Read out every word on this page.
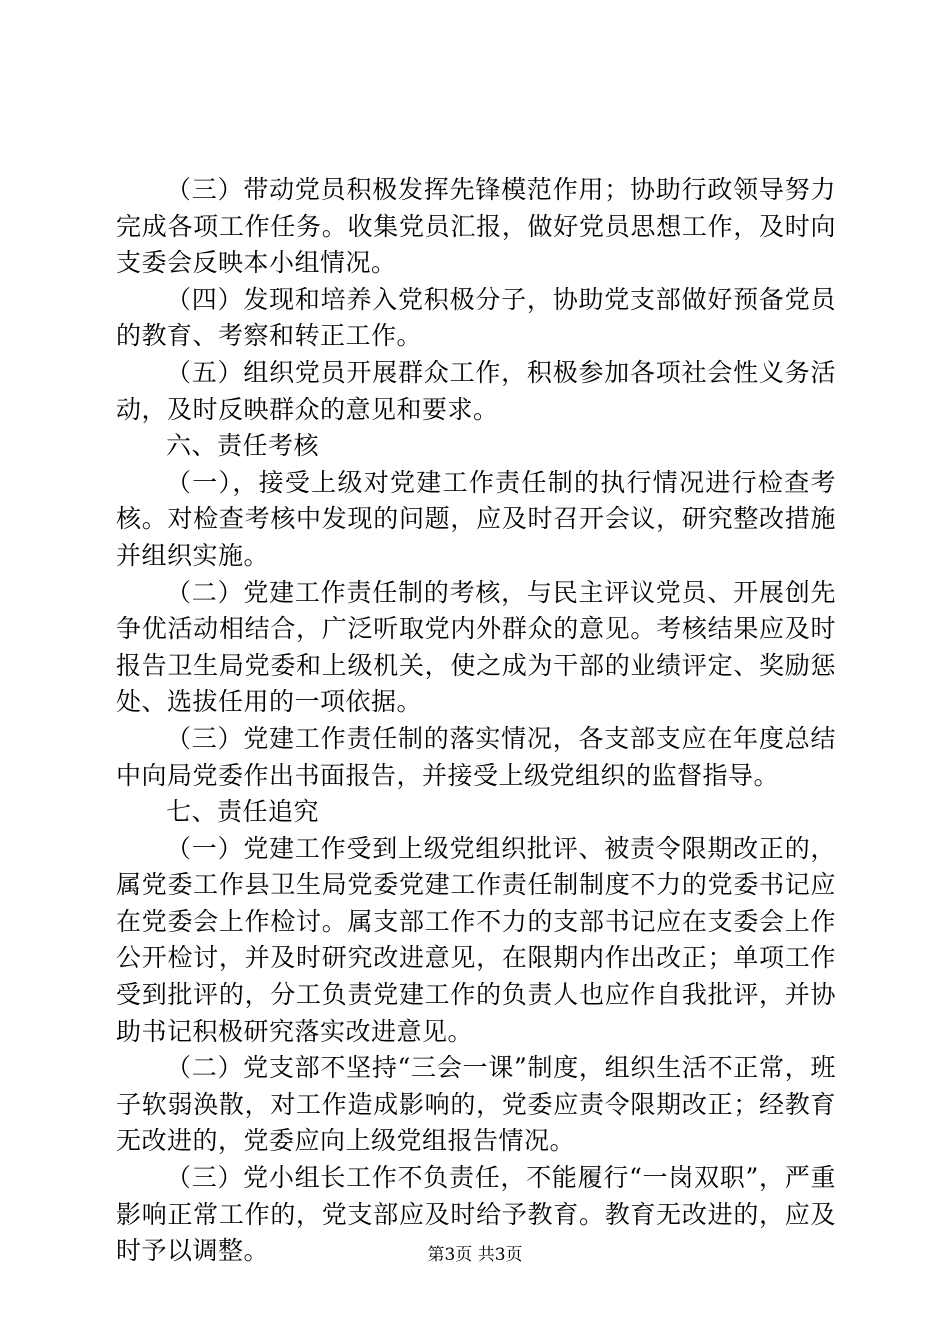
（三）带动党员积极发挥先锋模范作用；协助行政领导努力完成各项工作任务。收集党员汇报，做好党员思想工作，及时向支委会反映本小组情况。

（四）发现和培养入党积极分子，协助党支部做好预备党员的教育、考察和转正工作。

（五）组织党员开展群众工作，积极参加各项社会性义务活动，及时反映群众的意见和要求。

六、责任考核

（一），接受上级对党建工作责任制的执行情况进行检查考核。对检查考核中发现的问题，应及时召开会议，研究整改措施并组织实施。

（二）党建工作责任制的考核，与民主评议党员、开展创先争优活动相结合，广泛听取党内外群众的意见。考核结果应及时报告卫生局党委和上级机关，使之成为干部的业绩评定、奖励惩处、选拔任用的一项依据。

（三）党建工作责任制的落实情况，各支部支应在年度总结中向局党委作出书面报告，并接受上级党组织的监督指导。

七、责任追究

（一）党建工作受到上级党组织批评、被责令限期改正的，属党委工作县卫生局党委党建工作责任制制度不力的党委书记应在党委会上作检讨。属支部工作不力的支部书记应在支委会上作公开检讨，并及时研究改进意见，在限期内作出改正；单项工作受到批评的，分工负责党建工作的负责人也应作自我批评，并协助书记积极研究落实改进意见。

（二）党支部不坚持“三会一课”制度，组织生活不正常，班子软弱涣散，对工作造成影响的，党委应责令限期改正；经教育无改进的，党委应向上级党组报告情况。

（三）党小组长工作不负责任，不能履行“一岗双职”，严重影响正常工作的，党支部应及时给予教育。教育无改进的，应及时予以调整。	第3页 共3页
